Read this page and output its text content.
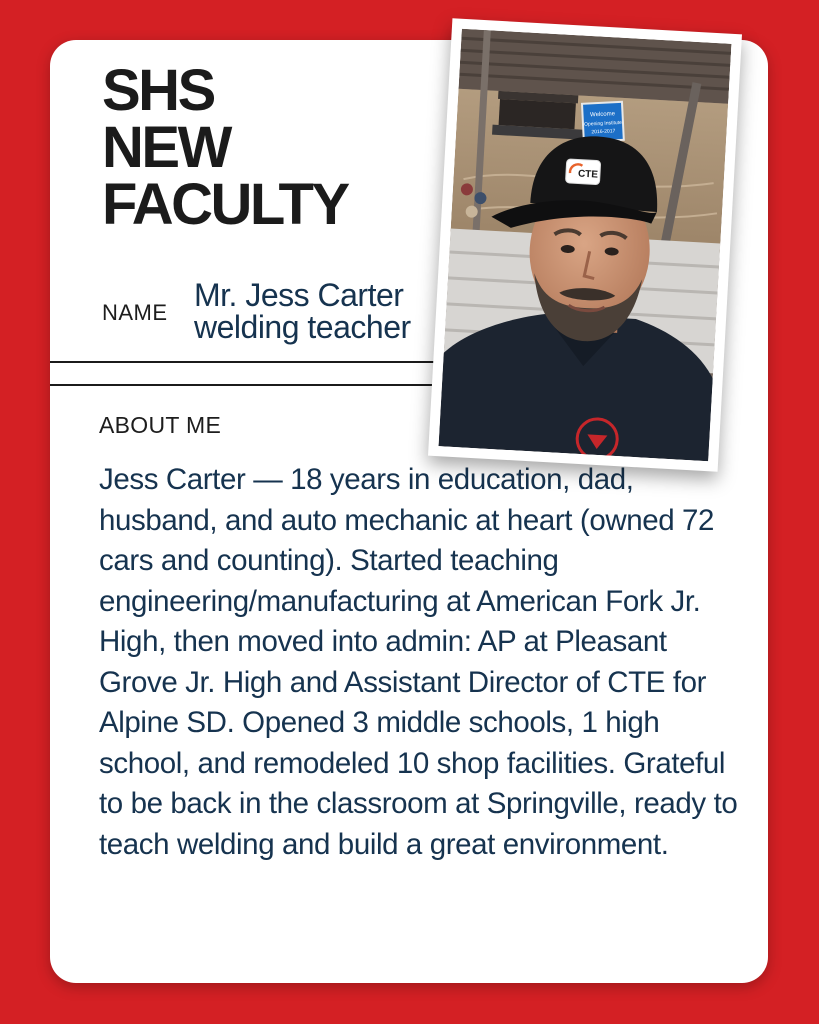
SHS
NEW
FACULTY
NAME Mr. Jess Carter
welding teacher
ABOUT ME
Jess Carter — 18 years in education, dad, husband, and auto mechanic at heart (owned 72 cars and counting). Started teaching engineering/manufacturing at American Fork Jr. High, then moved into admin: AP at Pleasant Grove Jr. High and Assistant Director of CTE for Alpine SD. Opened 3 middle schools, 1 high school, and remodeled 10 shop facilities. Grateful to be back in the classroom at Springville, ready to teach welding and build a great environment.
Welcome
Opening Institute
2016-2017
CTE
